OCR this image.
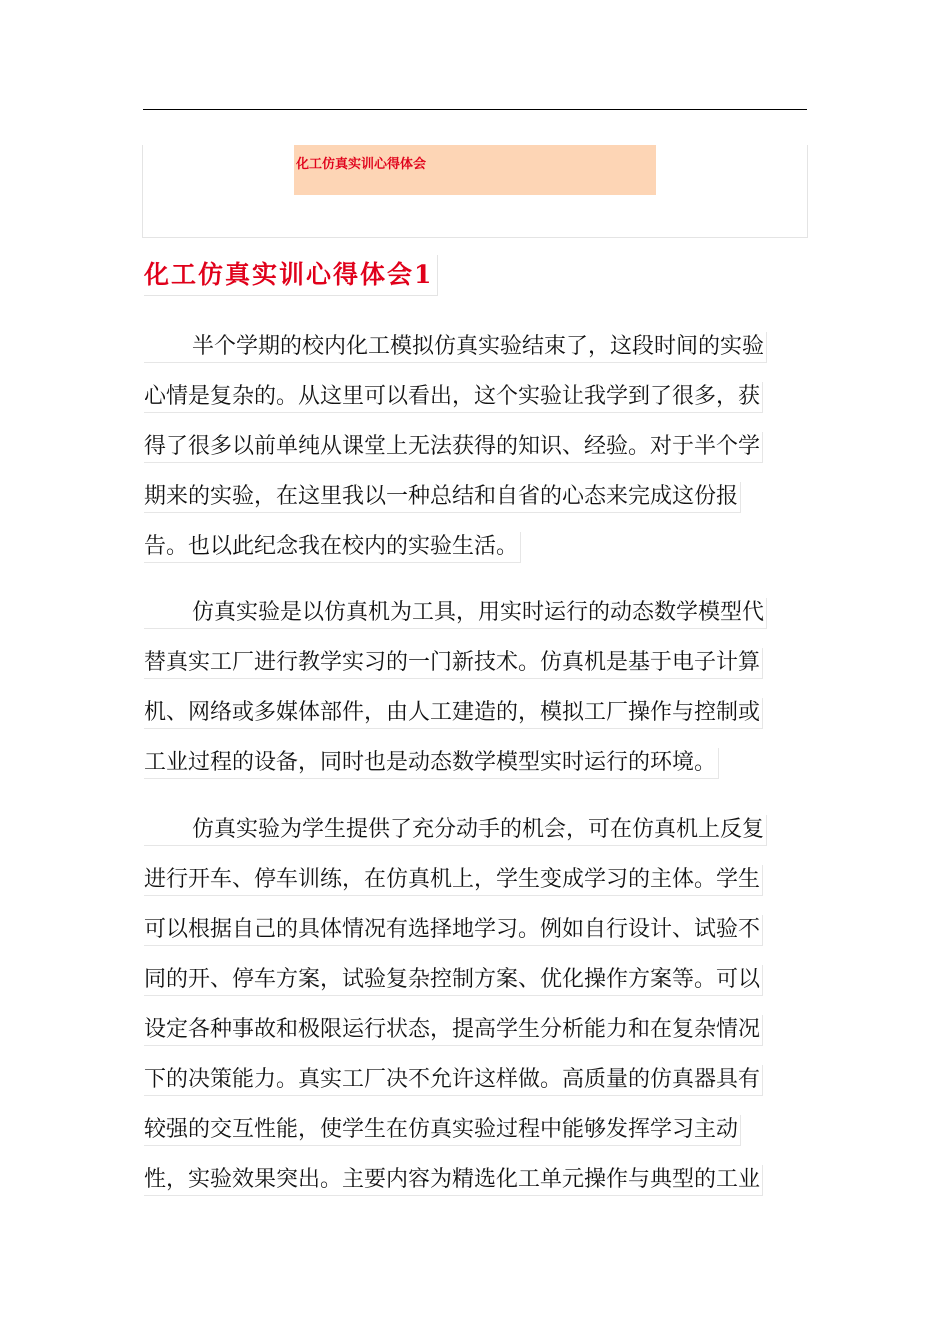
化工仿真实训心得体会
化工仿真实训心得体会1
半个学期的校内化工模拟仿真实验结束了，这段时间的实验
心情是复杂的。从这里可以看出，这个实验让我学到了很多，获
得了很多以前单纯从课堂上无法获得的知识、经验。对于半个学
期来的实验，在这里我以一种总结和自省的心态来完成这份报
告。也以此纪念我在校内的实验生活。
仿真实验是以仿真机为工具，用实时运行的动态数学模型代
替真实工厂进行教学实习的一门新技术。仿真机是基于电子计算
机、网络或多媒体部件，由人工建造的，模拟工厂操作与控制或
工业过程的设备，同时也是动态数学模型实时运行的环境。
仿真实验为学生提供了充分动手的机会，可在仿真机上反复
进行开车、停车训练，在仿真机上，学生变成学习的主体。学生
可以根据自己的具体情况有选择地学习。例如自行设计、试验不
同的开、停车方案，试验复杂控制方案、优化操作方案等。可以
设定各种事故和极限运行状态，提高学生分析能力和在复杂情况
下的决策能力。真实工厂决不允许这样做。高质量的仿真器具有
较强的交互性能，使学生在仿真实验过程中能够发挥学习主动
性，实验效果突出。主要内容为精选化工单元操作与典型的工业
